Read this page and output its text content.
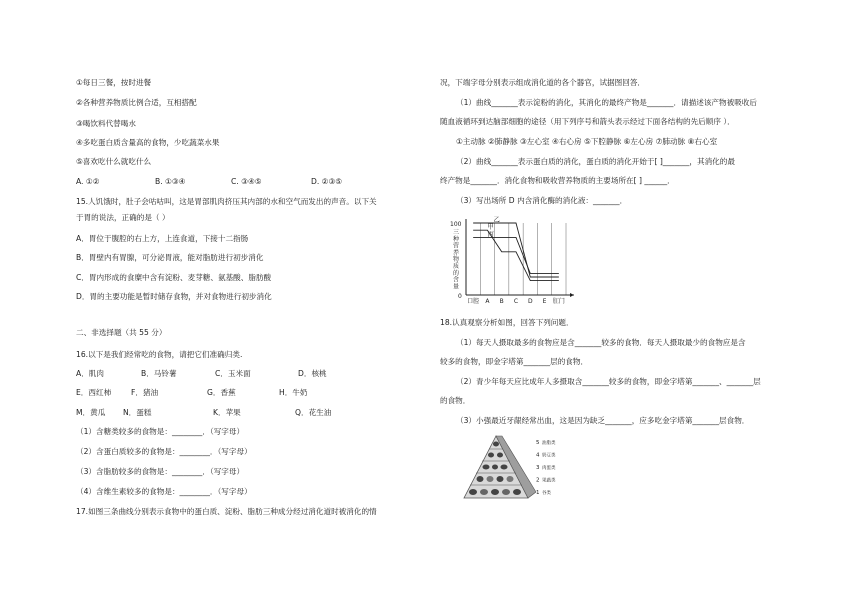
①每日三餐，按时进餐
②各种营养物质比例合适，互相搭配
③喝饮料代替喝水
④多吃蛋白质含量高的食物，少吃蔬菜水果
⑤喜欢吃什么就吃什么
A. ①②	B. ①③④	C. ③④⑤	D. ②③⑤
15.人饥饿时，肚子会咕咕叫，这是胃部肌肉挤压其内部的水和空气而发出的声音。以下关
于胃的说法，正确的是（ ）
A．胃位于腹腔的右上方，上连食道，下接十二指肠
B．胃壁内有胃腺，可分泌胃液，能对脂肪进行初步消化
C．胃内形成的食糜中含有淀粉、麦芽糖、氨基酸、脂肪酸
D．胃的主要功能是暂时储存食物，并对食物进行初步消化
二、非选择题（共 55 分）
16.以下是我们经常吃的食物，请把它们准确归类.
A．肌肉	B．马铃薯	C．玉米面	D．核桃
E．西红柿	F．猪油	G．香蕉	H．牛奶
M．黄瓜 N．蛋糕	K．苹果	Q．花生油
（1）含糖类较多的食物是：________．（写字母）
（2）含蛋白质较多的食物是：________．（写字母）
（3）含脂肪较多的食物是：________．（写字母）
（4）含维生素较多的食物是：________．（写字母）
17.如图三条曲线分别表示食物中的蛋白质、淀粉、脂肪三种成分经过消化道时被消化的情
况，下端字母分别表示组成消化道的各个器官，试据图回答．
（1）曲线_______表示淀粉的消化，其消化的最终产物是_______．请描述该产物被吸收后
随血液循环到达脑部细胞的途径（用下列序号和箭头表示经过下面各结构的先后顺序 ）．
①主动脉 ②肺静脉 ③左心室 ④右心房 ⑤下腔静脉 ⑥左心房 ⑦肺动脉 ⑧右心室
（2）曲线_______表示蛋白质的消化，蛋白质的消化开始于[ ]_______，其消化的最
终产物是_______．消化食物和吸收营养物质的主要场所在[ ] ______．
（3）写出场所 D 内含消化酶的消化液：_______．
100
0
三
种
营
养
物
质
的
含
量
口腔 A B C D E 肛门
甲
乙
丙
18.认真观察分析如图，回答下列问题．
（1）每天人摄取最多的食物应是含_______较多的食物．每天人摄取最少的食物应是含
较多的食物，即金字塔第_______层的食物．
（2）青少年每天应比成年人多摄取含_______较多的食物，即金字塔第_______、_______层
的食物．
（3）小强最近牙龈经常出血，这是因为缺乏_______，应多吃金字塔第_______层食物．
5 油脂类
4 奶豆类
3 肉蛋类
2 果蔬类
1 谷类
